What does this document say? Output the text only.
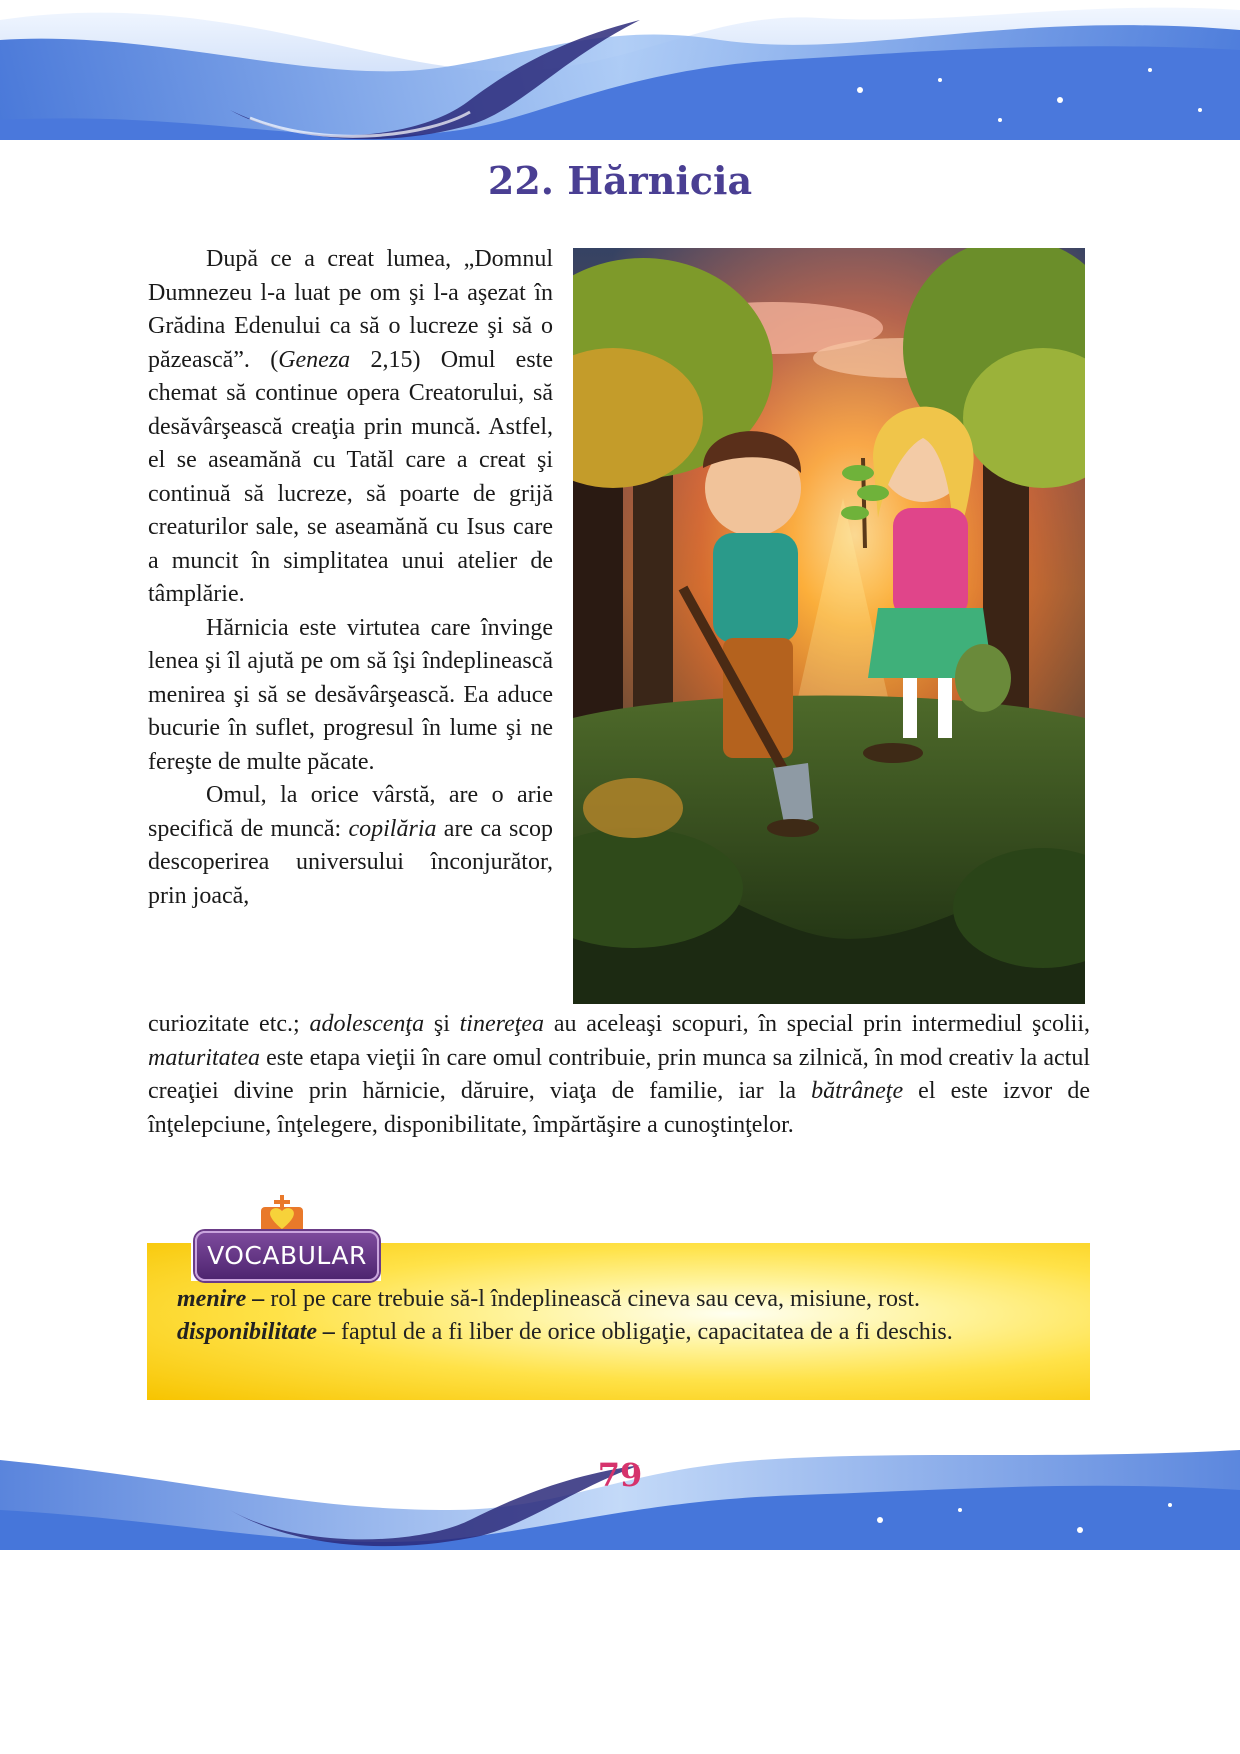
22. Hărnicia

După ce a creat lumea, „Domnul Dumnezeu l-a luat pe om şi l-a aşezat în Grădina Edenului ca să o lucreze şi să o păzească”. (Geneza 2,15) Omul este chemat să continue opera Creatorului, să desăvârşească creaţia prin muncă. Astfel, el se aseamănă cu Tatăl care a creat şi continuă să lucreze, să poarte de grijă creaturilor sale, se aseamănă cu Isus care a muncit în simplitatea unui atelier de tâmplărie.

Hărnicia este virtutea care învinge lenea şi îl ajută pe om să îşi îndeplinească menirea şi să se desăvârşească. Ea aduce bucurie în suflet, progresul în lume şi ne fereşte de multe păcate.

Omul, la orice vârstă, are o arie specifică de muncă: copilăria are ca scop descoperirea universului înconjurător, prin joacă,

curiozitate etc.; adolescenţa şi tinereţea au aceleaşi scopuri, în special prin intermediul şcolii, maturitatea este etapa vieţii în care omul contribuie, prin munca sa zilnică, în mod creativ la actul creaţiei divine prin hărnicie, dăruire, viaţa de familie, iar la bătrâneţe el este izvor de înţelepciune, înţelegere, disponibilitate, împărtăşire a cunoştinţelor.

VOCABULAR

menire – rol pe care trebuie să-l îndeplinească cineva sau ceva, misiune, rost.

disponibilitate – faptul de a fi liber de orice obligaţie, capacitatea de a fi deschis.

79
